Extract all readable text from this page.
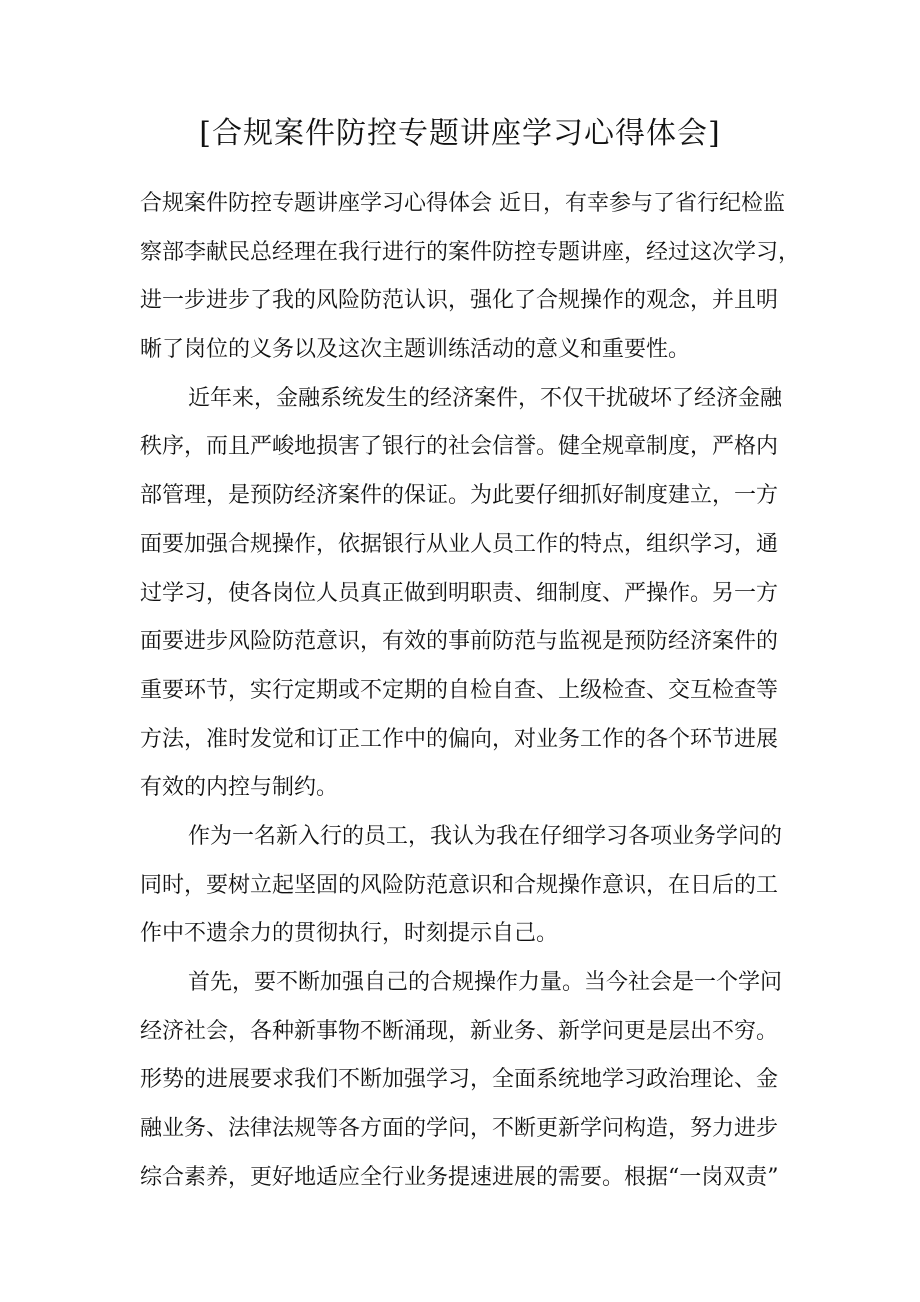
[合规案件防控专题讲座学习心得体会]

合规案件防控专题讲座学习心得体会 近日，有幸参与了省行纪检监

察部李献民总经理在我行进行的案件防控专题讲座，经过这次学习，

进一步进步了我的风险防范认识，强化了合规操作的观念，并且明

晰了岗位的义务以及这次主题训练活动的意义和重要性。

近年来，金融系统发生的经济案件，不仅干扰破坏了经济金融

秩序，而且严峻地损害了银行的社会信誉。健全规章制度，严格内

部管理，是预防经济案件的保证。为此要仔细抓好制度建立，一方

面要加强合规操作，依据银行从业人员工作的特点，组织学习，通

过学习，使各岗位人员真正做到明职责、细制度、严操作。另一方

面要进步风险防范意识，有效的事前防范与监视是预防经济案件的

重要环节，实行定期或不定期的自检自查、上级检查、交互检查等

方法，准时发觉和订正工作中的偏向，对业务工作的各个环节进展

有效的内控与制约。

作为一名新入行的员工，我认为我在仔细学习各项业务学问的

同时，要树立起坚固的风险防范意识和合规操作意识，在日后的工

作中不遗余力的贯彻执行，时刻提示自己。

首先，要不断加强自己的合规操作力量。当今社会是一个学问

经济社会，各种新事物不断涌现，新业务、新学问更是层出不穷。

形势的进展要求我们不断加强学习，全面系统地学习政治理论、金

融业务、法律法规等各方面的学问，不断更新学问构造，努力进步

综合素养，更好地适应全行业务提速进展的需要。根据“一岗双责”
